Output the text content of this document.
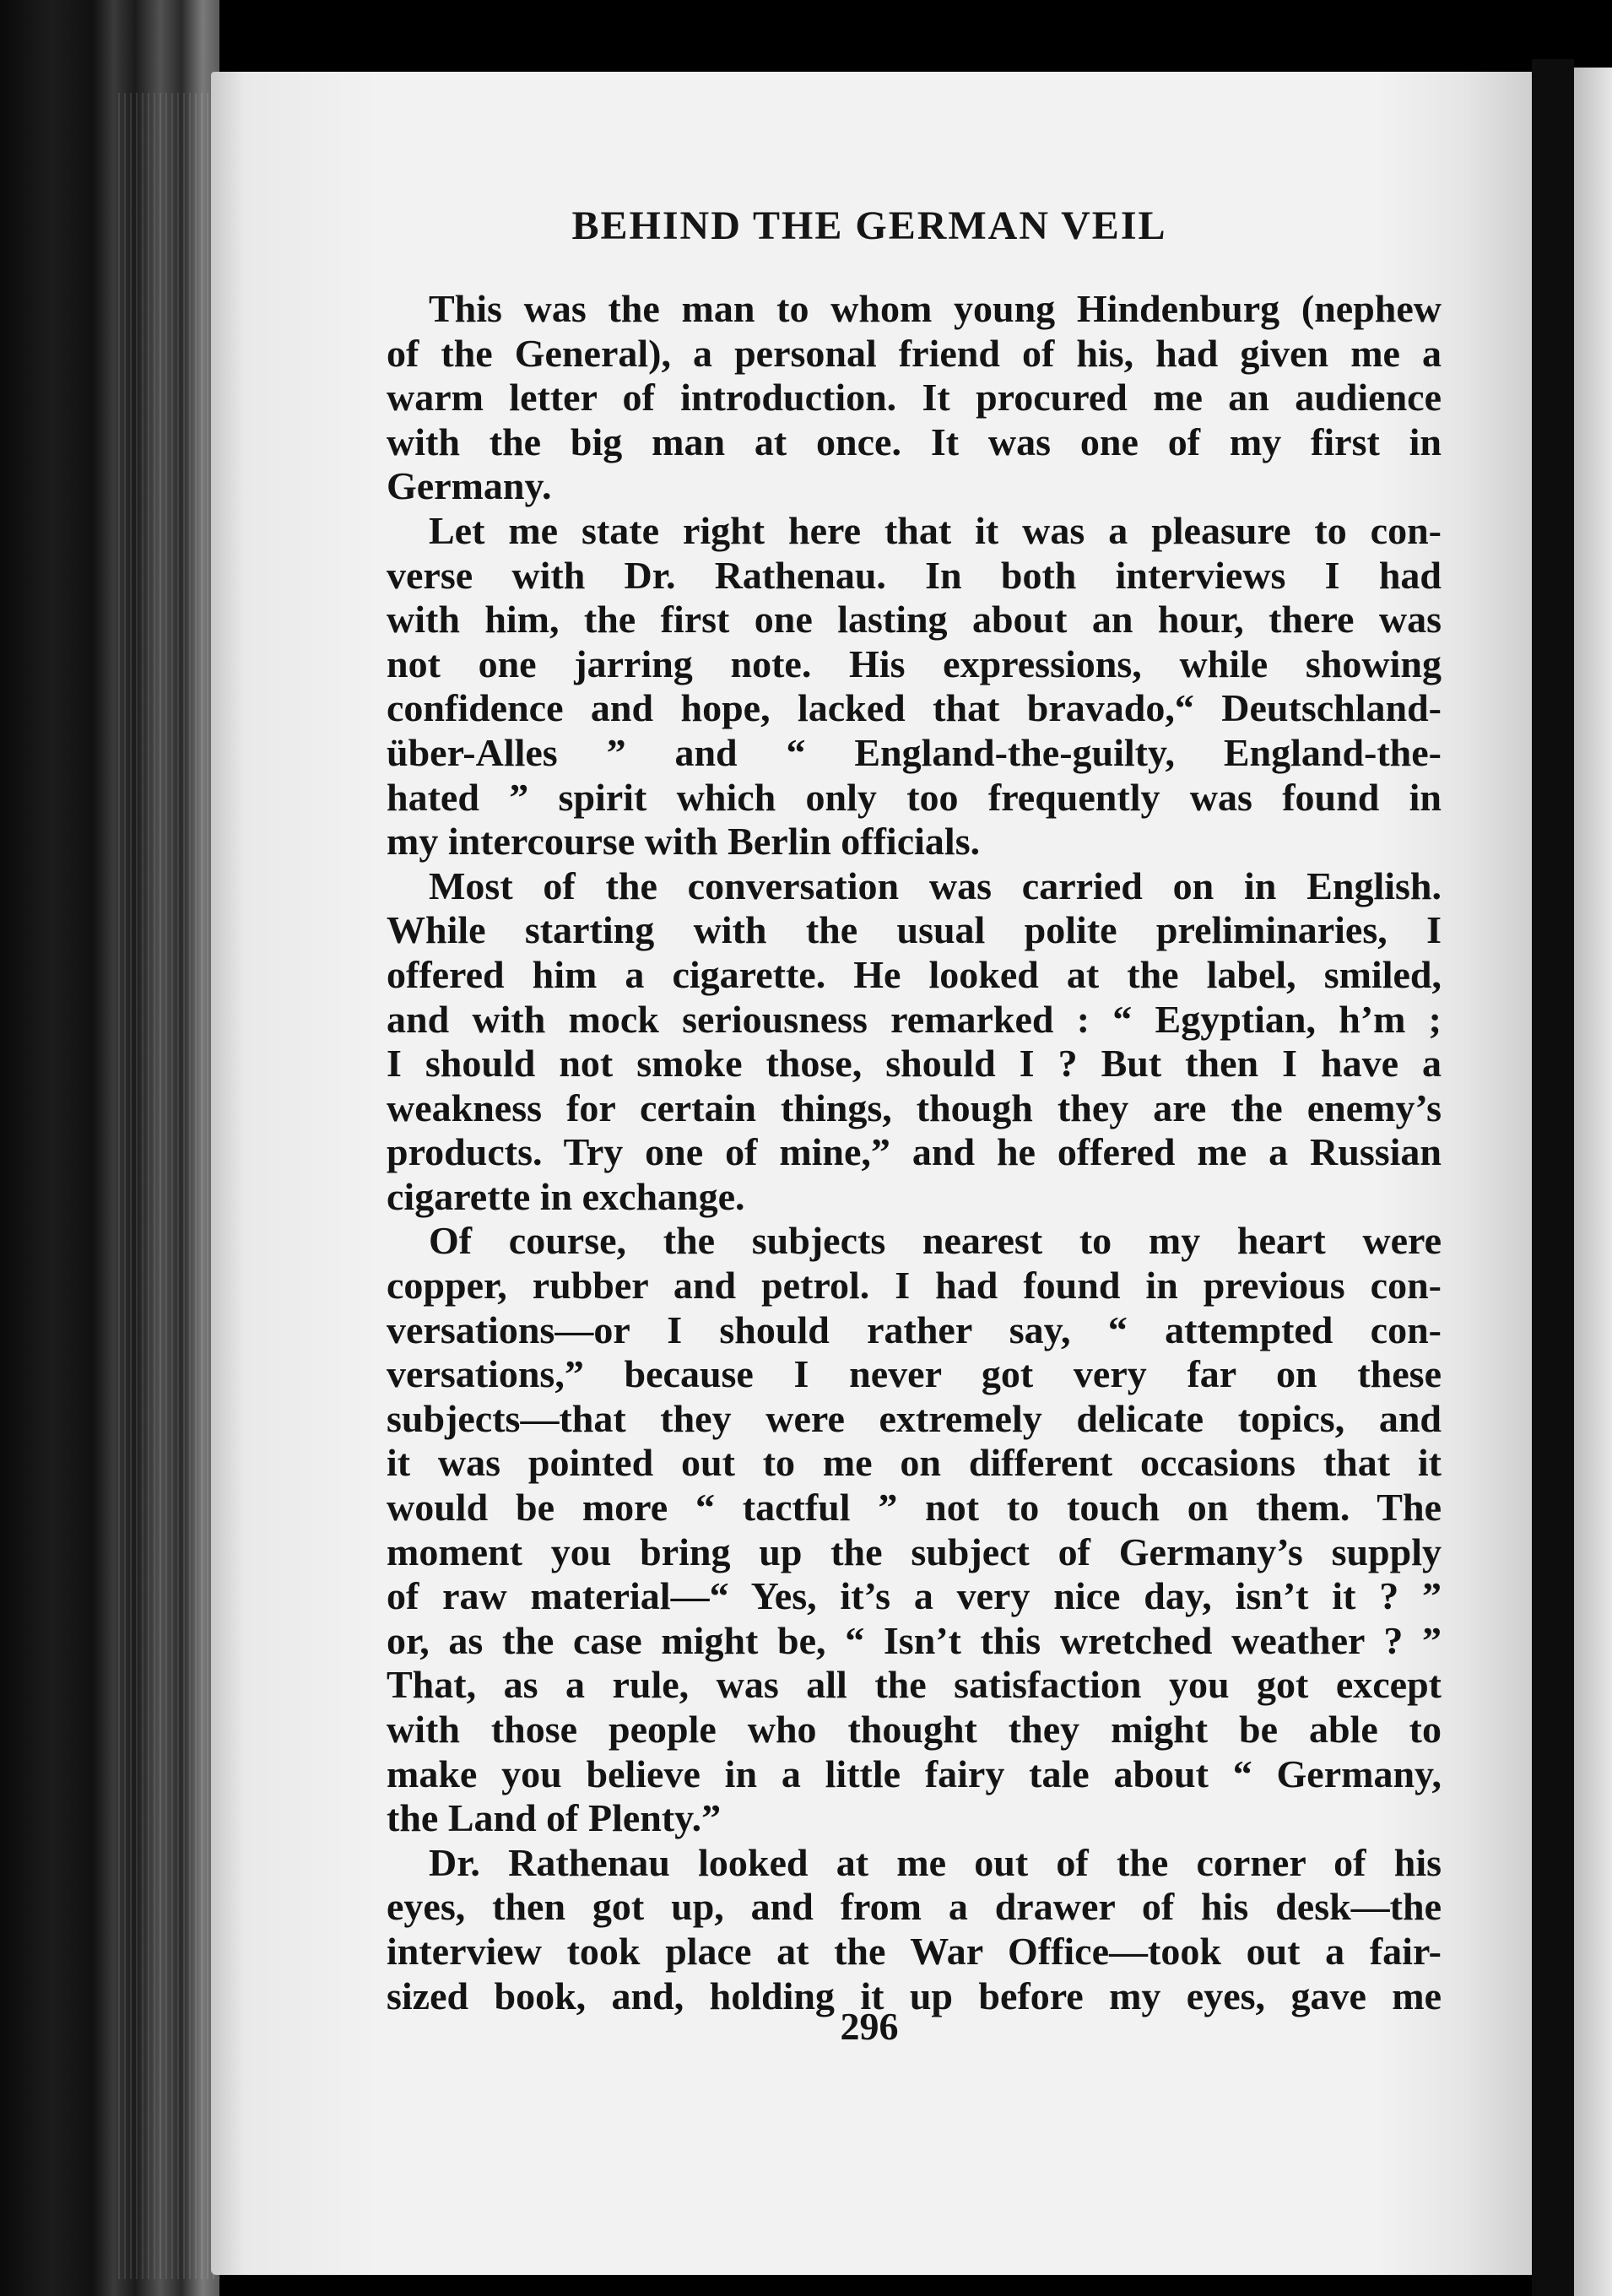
BEHIND THE GERMAN VEIL
This was the man to whom young Hindenburg (nephew
of the General), a personal friend of his, had given me a
warm letter of introduction. It procured me an audience
with the big man at once. It was one of my first in
Germany.
Let me state right here that it was a pleasure to con-
verse with Dr. Rathenau. In both interviews I had
with him, the first one lasting about an hour, there was
not one jarring note. His expressions, while showing
confidence and hope, lacked that bravado,“ Deutschland-
über-Alles ” and “ England-the-guilty, England-the-
hated ” spirit which only too frequently was found in
my intercourse with Berlin officials.
Most of the conversation was carried on in English.
While starting with the usual polite preliminaries, I
offered him a cigarette. He looked at the label, smiled,
and with mock seriousness remarked : “ Egyptian, h’m ;
I should not smoke those, should I ? But then I have a
weakness for certain things, though they are the enemy’s
products. Try one of mine,” and he offered me a Russian
cigarette in exchange.
Of course, the subjects nearest to my heart were
copper, rubber and petrol. I had found in previous con-
versations—or I should rather say, “ attempted con-
versations,” because I never got very far on these
subjects—that they were extremely delicate topics, and
it was pointed out to me on different occasions that it
would be more “ tactful ” not to touch on them. The
moment you bring up the subject of Germany’s supply
of raw material—“ Yes, it’s a very nice day, isn’t it ? ”
or, as the case might be, “ Isn’t this wretched weather ? ”
That, as a rule, was all the satisfaction you got except
with those people who thought they might be able to
make you believe in a little fairy tale about “ Germany,
the Land of Plenty.”
Dr. Rathenau looked at me out of the corner of his
eyes, then got up, and from a drawer of his desk—the
interview took place at the War Office—took out a fair-
sized book, and, holding it up before my eyes, gave me
296
